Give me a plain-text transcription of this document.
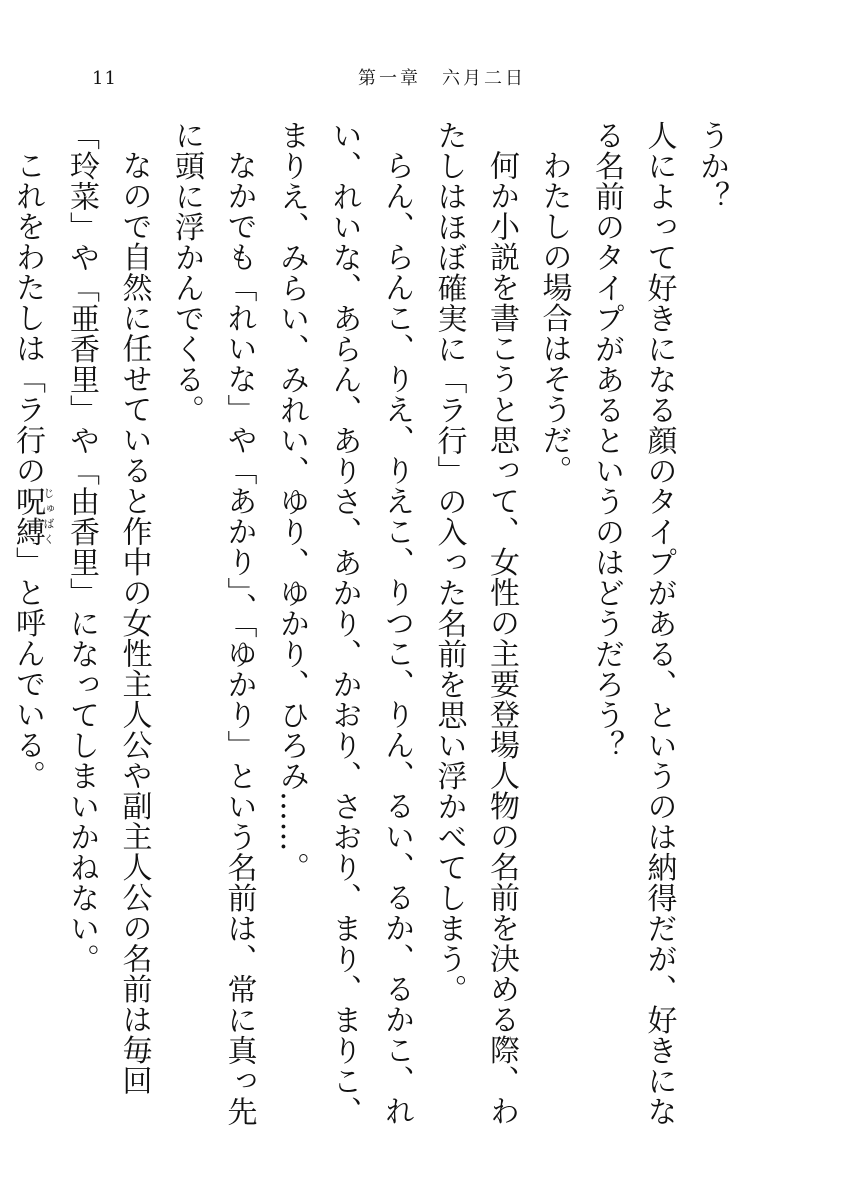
11	第一章　六月二日

うか？

人によって好きになる顔のタイプがある、というのは納得だが、好きになる名前のタイプがあるというのはどうだろう？

わたしの場合はそうだ。

何か小説を書こうと思って、女性の主要登場人物の名前を決める際、わたしはほぼ確実に「ラ行」の入った名前を思い浮かべてしまう。

らん、らんこ、りえ、りえこ、りつこ、りん、るい、るか、るかこ、れい、れいな、あらん、ありさ、あかり、かおり、さおり、まり、まりこ、まりえ、みらい、みれい、ゆり、ゆかり、ひろみ……。

なかでも「れいな」や「あかり」、「ゆかり」という名前は、常に真っ先に頭に浮かんでくる。

なので自然に任せていると作中の女性主人公や副主人公の名前は毎回「玲菜」や「亜香里」や「由香里」になってしまいかねない。

これをわたしは「ラ行の呪縛じゅばく」と呼んでいる。
